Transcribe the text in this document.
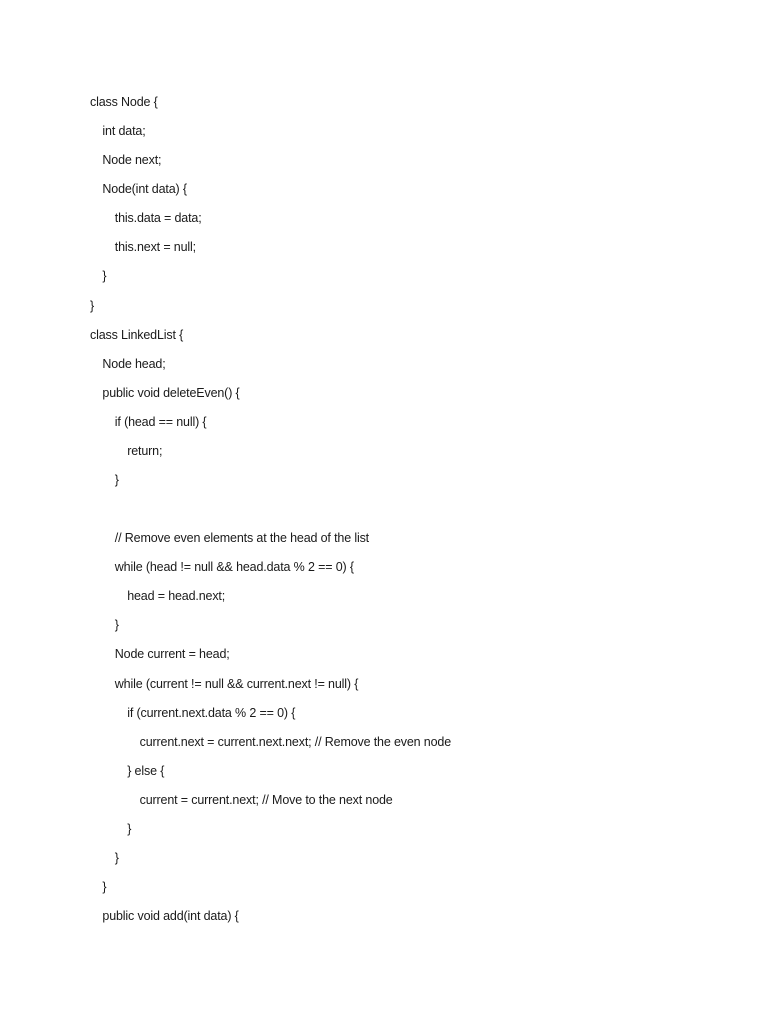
class Node {
int data;
Node next;
Node(int data) {
this.data = data;
this.next = null;
}
}
class LinkedList {
Node head;
public void deleteEven() {
if (head == null) {
return;
}
// Remove even elements at the head of the list
while (head != null && head.data % 2 == 0) {
head = head.next;
}
Node current = head;
while (current != null && current.next != null) {
if (current.next.data % 2 == 0) {
current.next = current.next.next; // Remove the even node
} else {
current = current.next; // Move to the next node
}
}
}
public void add(int data) {
